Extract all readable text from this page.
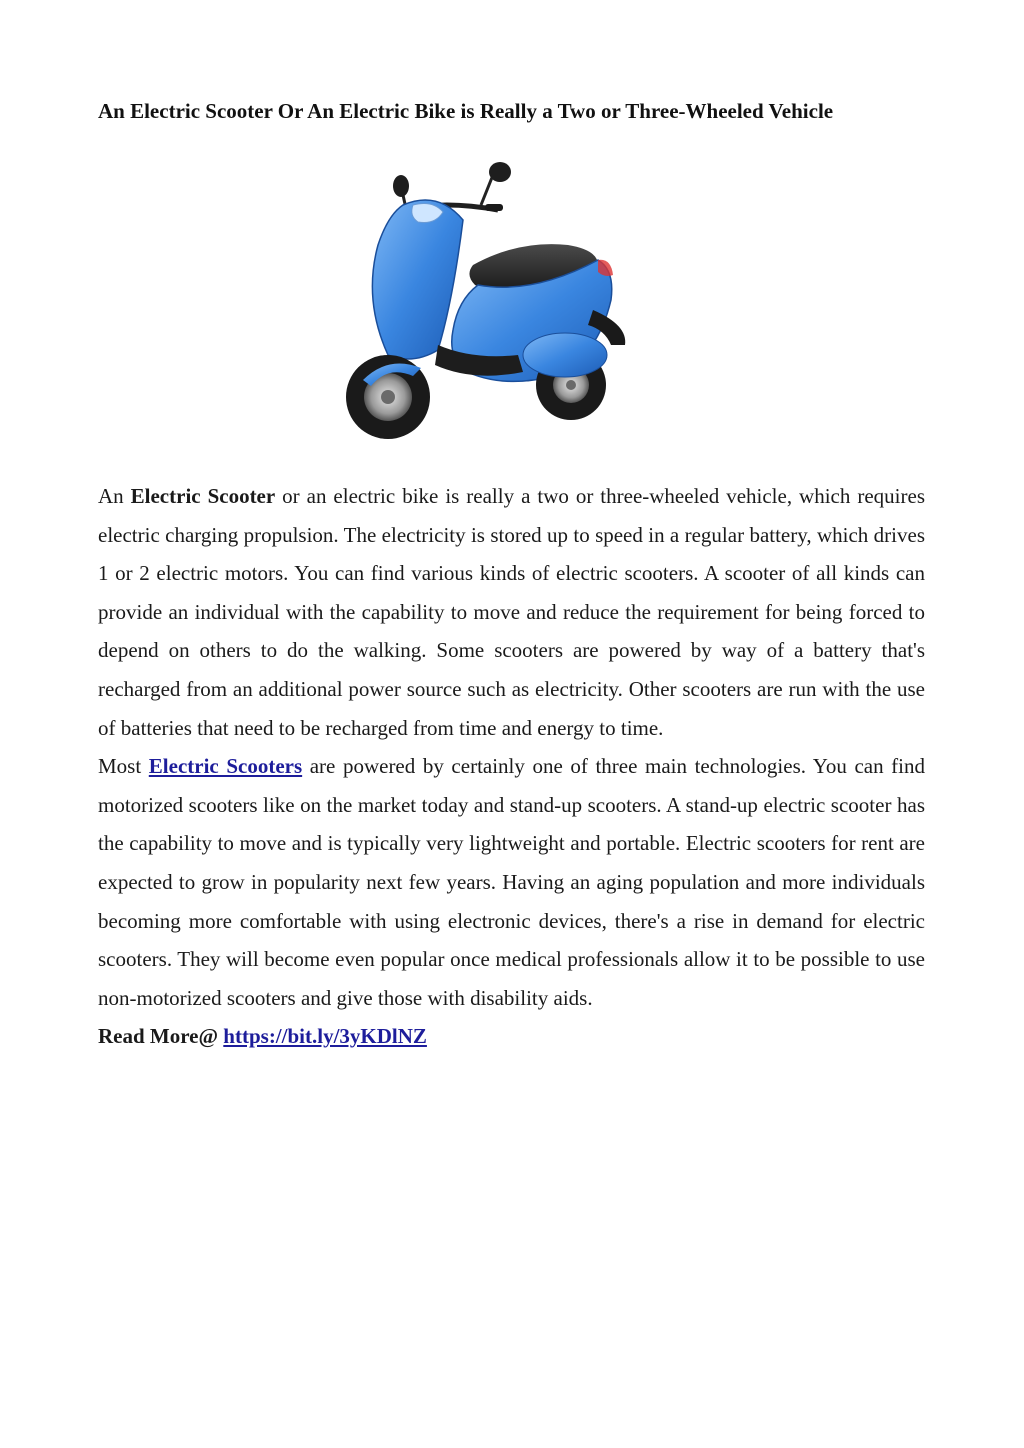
An Electric Scooter Or An Electric Bike is Really a Two or Three-Wheeled Vehicle

An Electric Scooter or an electric bike is really a two or three-wheeled vehicle, which requires electric charging propulsion. The electricity is stored up to speed in a regular battery, which drives 1 or 2 electric motors. You can find various kinds of electric scooters. A scooter of all kinds can provide an individual with the capability to move and reduce the requirement for being forced to depend on others to do the walking. Some scooters are powered by way of a battery that's recharged from an additional power source such as electricity. Other scooters are run with the use of batteries that need to be recharged from time and energy to time.

Most Electric Scooters are powered by certainly one of three main technologies. You can find motorized scooters like on the market today and stand-up scooters. A stand-up electric scooter has the capability to move and is typically very lightweight and portable. Electric scooters for rent are expected to grow in popularity next few years. Having an aging population and more individuals becoming more comfortable with using electronic devices, there's a rise in demand for electric scooters. They will become even popular once medical professionals allow it to be possible to use non-motorized scooters and give those with disability aids.

Read More@ https://bit.ly/3yKDlNZ
